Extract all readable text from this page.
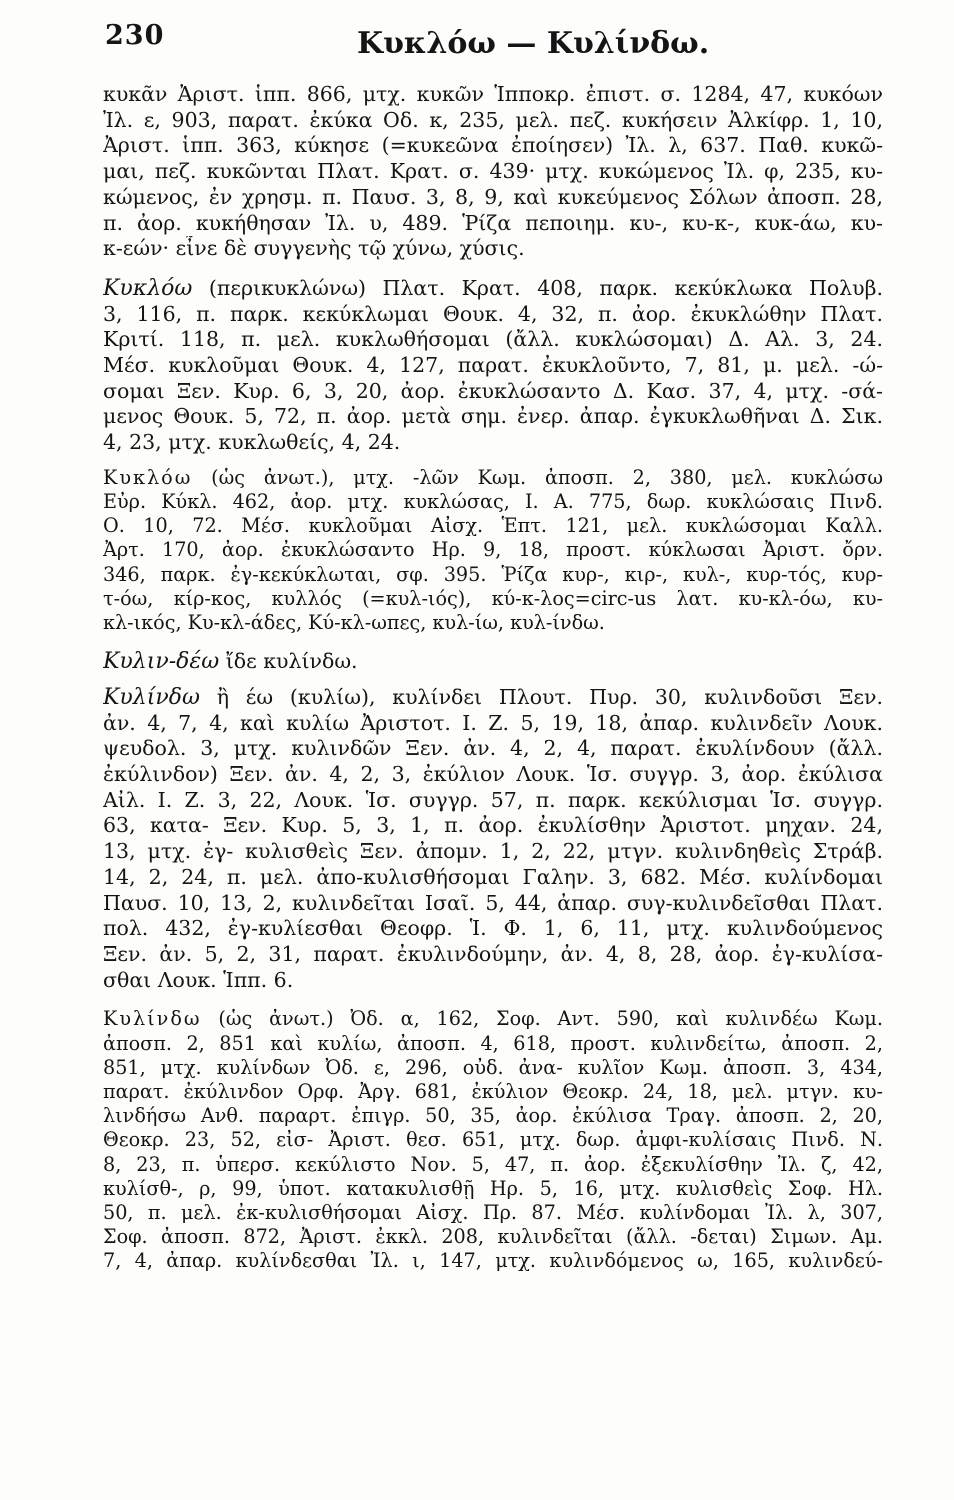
230	Κυκλόω — Κυλίνδω.
κυκᾶν Ἀριστ. ἱππ. 866, μτχ. κυκῶν Ἱπποκρ. ἐπιστ. σ. 1284, 47, κυκόων
Ἰλ. ε, 903, παρατ. ἐκύκα Οδ. κ, 235, μελ. πεζ. κυκήσειν Ἀλκίφρ. 1, 10,
Ἀριστ. ἱππ. 363, κύκησε (=κυκεῶνα ἐποίησεν) Ἰλ. λ, 637. Παθ. κυκῶ-
μαι, πεζ. κυκῶνται Πλατ. Κρατ. σ. 439· μτχ. κυκώμενος Ἰλ. φ, 235, κυ-
κώμενος, ἐν χρησμ. π. Παυσ. 3, 8, 9, καὶ κυκεύμενος Σόλων ἀποσπ. 28,
π. ἀορ. κυκήθησαν Ἰλ. υ, 489. Ῥίζα πεποιημ. κυ-, κυ-κ-, κυκ-άω, κυ-
κ-εών· εἶνε δὲ συγγενὴς τῷ χύνω, χύσις.
Κυκλόω (περικυκλώνω) Πλατ. Κρατ. 408, παρκ. κεκύκλωκα Πολυβ.
3, 116, π. παρκ. κεκύκλωμαι Θουκ. 4, 32, π. ἀορ. ἐκυκλώθην Πλατ.
Κριτί. 118, π. μελ. κυκλωθήσομαι (ἄλλ. κυκλώσομαι) Δ. Αλ. 3, 24.
Μέσ. κυκλοῦμαι Θουκ. 4, 127, παρατ. ἐκυκλοῦντο, 7, 81, μ. μελ. -ώ-
σομαι Ξεν. Κυρ. 6, 3, 20, ἀορ. ἐκυκλώσαντο Δ. Κασ. 37, 4, μτχ. -σά-
μενος Θουκ. 5, 72, π. ἀορ. μετὰ σημ. ἐνερ. ἀπαρ. ἐγκυκλωθῆναι Δ. Σικ.
4, 23, μτχ. κυκλωθείς, 4, 24.
Κυκλόω (ὡς ἀνωτ.), μτχ. -λῶν Κωμ. ἀποσπ. 2, 380, μελ. κυκλώσω
Εὐρ. Κύκλ. 462, ἀορ. μτχ. κυκλώσας, Ι. Α. 775, δωρ. κυκλώσαις Πινδ.
Ο. 10, 72. Μέσ. κυκλοῦμαι Αἰσχ. Ἑπτ. 121, μελ. κυκλώσομαι Καλλ.
Ἀρτ. 170, ἀορ. ἐκυκλώσαντο Ηρ. 9, 18, προστ. κύκλωσαι Ἀριστ. ὄρν.
346, παρκ. ἐγ-κεκύκλωται, σφ. 395. Ῥίζα κυρ-, κιρ-, κυλ-, κυρ-τός, κυρ-
τ-όω, κίρ-κος, κυλλός (=κυλ-ιός), κύ-κ-λος=circ-us λατ. κυ-κλ-όω, κυ-
κλ-ικός, Κυ-κλ-άδες, Κύ-κλ-ωπες, κυλ-ίω, κυλ-ίνδω.
Κυλιν-δέω ἴδε κυλίνδω.
Κυλίνδω ἢ έω (κυλίω), κυλίνδει Πλουτ. Πυρ. 30, κυλινδοῦσι Ξεν.
ἀν. 4, 7, 4, καὶ κυλίω Ἀριστοτ. Ι. Ζ. 5, 19, 18, ἀπαρ. κυλινδεῖν Λουκ.
ψευδολ. 3, μτχ. κυλινδῶν Ξεν. ἀν. 4, 2, 4, παρατ. ἐκυλίνδουν (ἄλλ.
ἐκύλινδον) Ξεν. ἀν. 4, 2, 3, ἐκύλιον Λουκ. Ἱσ. συγγρ. 3, ἀορ. ἐκύλισα
Αἰλ. Ι. Ζ. 3, 22, Λουκ. Ἱσ. συγγρ. 57, π. παρκ. κεκύλισμαι Ἱσ. συγγρ.
63, κατα- Ξεν. Κυρ. 5, 3, 1, π. ἀορ. ἐκυλίσθην Ἀριστοτ. μηχαν. 24,
13, μτχ. ἐγ- κυλισθεὶς Ξεν. ἀπομν. 1, 2, 22, μτγν. κυλινδηθεὶς Στράβ.
14, 2, 24, π. μελ. ἀπο-κυλισθήσομαι Γαλην. 3, 682. Μέσ. κυλίνδομαι
Παυσ. 10, 13, 2, κυλινδεῖται Ισαῖ. 5, 44, ἀπαρ. συγ-κυλινδεῖσθαι Πλατ.
πολ. 432, ἐγ-κυλίεσθαι Θεοφρ. Ἱ. Φ. 1, 6, 11, μτχ. κυλινδούμενος
Ξεν. ἀν. 5, 2, 31, παρατ. ἐκυλινδούμην, ἀν. 4, 8, 28, ἀορ. ἐγ-κυλίσα-
σθαι Λουκ. Ἱππ. 6.
Κυλίνδω (ὡς ἀνωτ.) Ὀδ. α, 162, Σοφ. Αντ. 590, καὶ κυλινδέω Κωμ.
ἀποσπ. 2, 851 καὶ κυλίω, ἀποσπ. 4, 618, προστ. κυλινδείτω, ἀποσπ. 2,
851, μτχ. κυλίνδων Ὀδ. ε, 296, οὐδ. ἀνα- κυλῖον Κωμ. ἀποσπ. 3, 434,
παρατ. ἐκύλινδον Ορφ. Ἀργ. 681, ἐκύλιον Θεοκρ. 24, 18, μελ. μτγν. κυ-
λινδήσω Ανθ. παραρτ. ἐπιγρ. 50, 35, ἀορ. ἐκύλισα Τραγ. ἀποσπ. 2, 20,
Θεοκρ. 23, 52, εἰσ- Ἀριστ. θεσ. 651, μτχ. δωρ. ἀμφι-κυλίσαις Πινδ. Ν.
8, 23, π. ὑπερσ. κεκύλιστο Νον. 5, 47, π. ἀορ. ἐξεκυλίσθην Ἰλ. ζ, 42,
κυλίσθ-, ρ, 99, ὑποτ. κατακυλισθῇ Ηρ. 5, 16, μτχ. κυλισθεὶς Σοφ. Ηλ.
50, π. μελ. ἐκ-κυλισθήσομαι Αἰσχ. Πρ. 87. Μέσ. κυλίνδομαι Ἰλ. λ, 307,
Σοφ. ἀποσπ. 872, Ἀριστ. ἐκκλ. 208, κυλινδεῖται (ἄλλ. -δεται) Σιμων. Αμ.
7, 4, ἀπαρ. κυλίνδεσθαι Ἰλ. ι, 147, μτχ. κυλινδόμενος ω, 165, κυλινδεύ-
